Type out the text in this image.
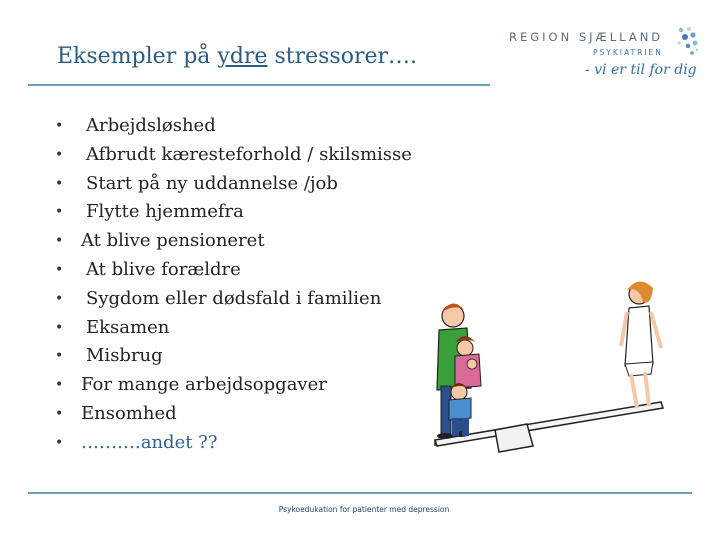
Eksempler på ydre stressorer….
REGION SJÆLLAND
PSYKIATRIEN
- vi er til for dig
• Arbejdsløshed
• Afbrudt kæresteforhold / skilsmisse
• Start på ny uddannelse /job
• Flytte hjemmefra
• At blive pensioneret
• At blive forældre
• Sygdom eller dødsfald i familien
• Eksamen
• Misbrug
• For mange arbejdsopgaver
• Ensomhed
• ……….andet ??
Psykoedukation for patienter med depression
